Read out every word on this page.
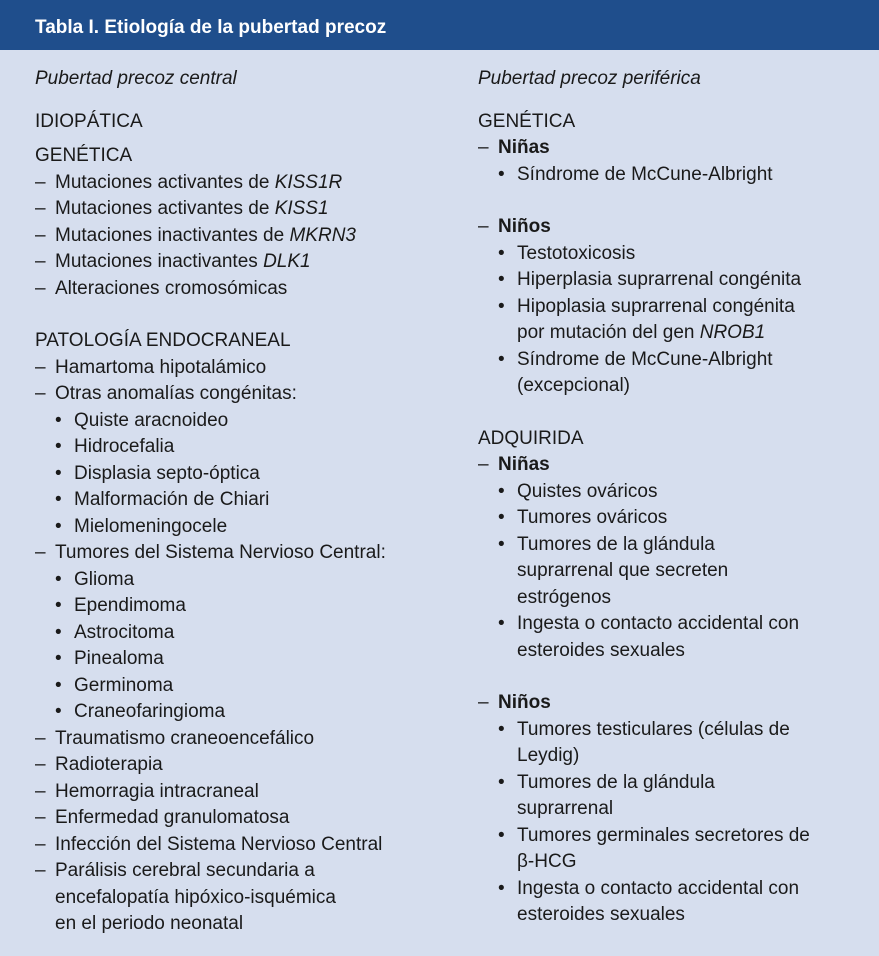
Tabla I. Etiología de la pubertad precoz
Pubertad precoz central
IDIOPÁTICA
GENÉTICA
– Mutaciones activantes de KISS1R
– Mutaciones activantes de KISS1
– Mutaciones inactivantes de MKRN3
– Mutaciones inactivantes DLK1
– Alteraciones cromosómicas
PATOLOGÍA ENDOCRANEAL
– Hamartoma hipotalámico
– Otras anomalías congénitas:
• Quiste aracnoideo
• Hidrocefalia
• Displasia septo-óptica
• Malformación de Chiari
• Mielomeningocele
– Tumores del Sistema Nervioso Central:
• Glioma
• Ependimoma
• Astrocitoma
• Pinealoma
• Germinoma
• Craneofaringioma
– Traumatismo craneoencefálico
– Radioterapia
– Hemorragia intracraneal
– Enfermedad granulomatosa
– Infección del Sistema Nervioso Central
– Parálisis cerebral secundaria a
encefalopatía hipóxico-isquémica
en el periodo neonatal
Pubertad precoz periférica
GENÉTICA
– Niñas
• Síndrome de McCune-Albright
– Niños
• Testotoxicosis
• Hiperplasia suprarrenal congénita
• Hipoplasia suprarrenal congénita
por mutación del gen NROB1
• Síndrome de McCune-Albright
(excepcional)
ADQUIRIDA
– Niñas
• Quistes ováricos
• Tumores ováricos
• Tumores de la glándula
suprarrenal que secreten
estrógenos
• Ingesta o contacto accidental con
esteroides sexuales
– Niños
• Tumores testiculares (células de
Leydig)
• Tumores de la glándula
suprarrenal
• Tumores germinales secretores de
β-HCG
• Ingesta o contacto accidental con
esteroides sexuales
